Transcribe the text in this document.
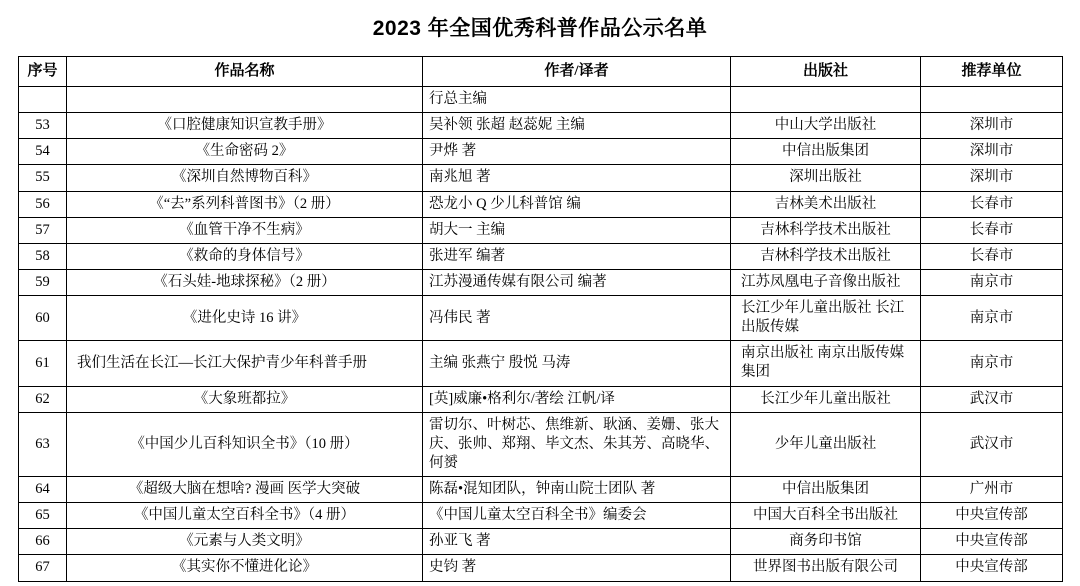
2023 年全国优秀科普作品公示名单
序号	作品名称	作者/译者	出版社	推荐单位
		行总主编		
53	《口腔健康知识宣教手册》	吴补领 张超 赵蕊妮 主编	中山大学出版社	深圳市
54	《生命密码 2》	尹烨 著	中信出版集团	深圳市
55	《深圳自然博物百科》	南兆旭 著	深圳出版社	深圳市
56	《“去”系列科普图书》（2 册）	恐龙小 Q 少儿科普馆 编	吉林美术出版社	长春市
57	《血管干净不生病》	胡大一 主编	吉林科学技术出版社	长春市
58	《救命的身体信号》	张进军 编著	吉林科学技术出版社	长春市
59	《石头娃-地球探秘》（2 册）	江苏漫通传媒有限公司 编著	江苏凤凰电子音像出版社	南京市
60	《进化史诗 16 讲》	冯伟民 著	长江少年儿童出版社 长江出版传媒	南京市
61	我们生活在长江—长江大保护青少年科普手册	主编 张燕宁 殷悦 马涛	南京出版社 南京出版传媒集团	南京市
62	《大象班都拉》	[英]威廉•格利尔/著绘 江帆/译	长江少年儿童出版社	武汉市
63	《中国少儿百科知识全书》（10 册）	雷切尔、叶树芯、焦维新、耿涵、姜姗、张大庆、张帅、郑翔、毕文杰、朱其芳、高晓华、何赟	少年儿童出版社	武汉市
64	《超级大脑在想啥? 漫画 医学大突破	陈磊•混知团队，钟南山院士团队 著	中信出版集团	广州市
65	《中国儿童太空百科全书》（4 册）	《中国儿童太空百科全书》编委会	中国大百科全书出版社	中央宣传部
66	《元素与人类文明》	孙亚飞 著	商务印书馆	中央宣传部
67	《其实你不懂进化论》	史钧 著	世界图书出版有限公司	中央宣传部
